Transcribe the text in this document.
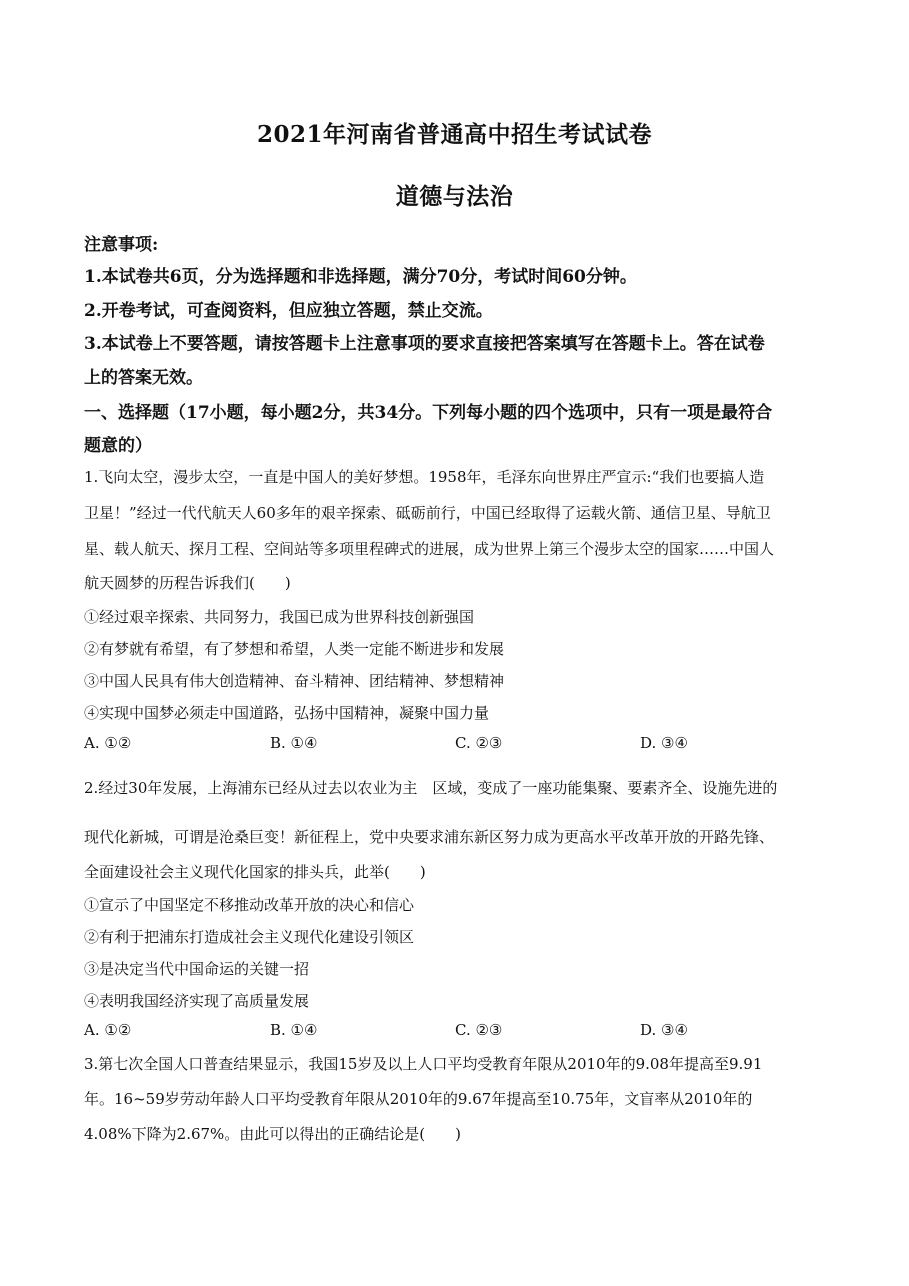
2021年河南省普通高中招生考试试卷
道德与法治
注意事项:
1.本试卷共6页，分为选择题和非选择题，满分70分，考试时间60分钟。
2.开卷考试，可查阅资料，但应独立答题，禁止交流。
3.本试卷上不要答题，请按答题卡上注意事项的要求直接把答案填写在答题卡上。答在试卷
上的答案无效。
一、选择题（17小题，每小题2分，共34分。下列每小题的四个选项中，只有一项是最符合
题意的）
1.飞向太空，漫步太空，一直是中国人的美好梦想。1958年，毛泽东向世界庄严宣示:“我们也要搞人造
卫星！”经过一代代航天人60多年的艰辛探索、砥砺前行，中国已经取得了运载火箭、通信卫星、导航卫
星、载人航天、探月工程、空间站等多项里程碑式的进展，成为世界上第三个漫步太空的国家……中国人
航天圆梦的历程告诉我们(　　)
①经过艰辛探索、共同努力，我国已成为世界科技创新强国
②有梦就有希望，有了梦想和希望，人类一定能不断进步和发展
③中国人民具有伟大创造精神、奋斗精神、团结精神、梦想精神
④实现中国梦必须走中国道路，弘扬中国精神，凝聚中国力量
A. ①②	B. ①④	C. ②③	D. ③④
2.经过30年发展，上海浦东已经从过去以农业为主　区域，变成了一座功能集聚、要素齐全、设施先进的
现代化新城，可谓是沧桑巨变！新征程上，党中央要求浦东新区努力成为更高水平改革开放的开路先锋、
全面建设社会主义现代化国家的排头兵，此举(　　)
①宣示了中国坚定不移推动改革开放的决心和信心
②有利于把浦东打造成社会主义现代化建设引领区
③是决定当代中国命运的关键一招
④表明我国经济实现了高质量发展
A. ①②	B. ①④	C. ②③	D. ③④
3.第七次全国人口普查结果显示，我国15岁及以上人口平均受教育年限从2010年的9.08年提高至9.91
年。16~59岁劳动年龄人口平均受教育年限从2010年的9.67年提高至10.75年，文盲率从2010年的
4.08%下降为2.67%。由此可以得出的正确结论是(　　)
